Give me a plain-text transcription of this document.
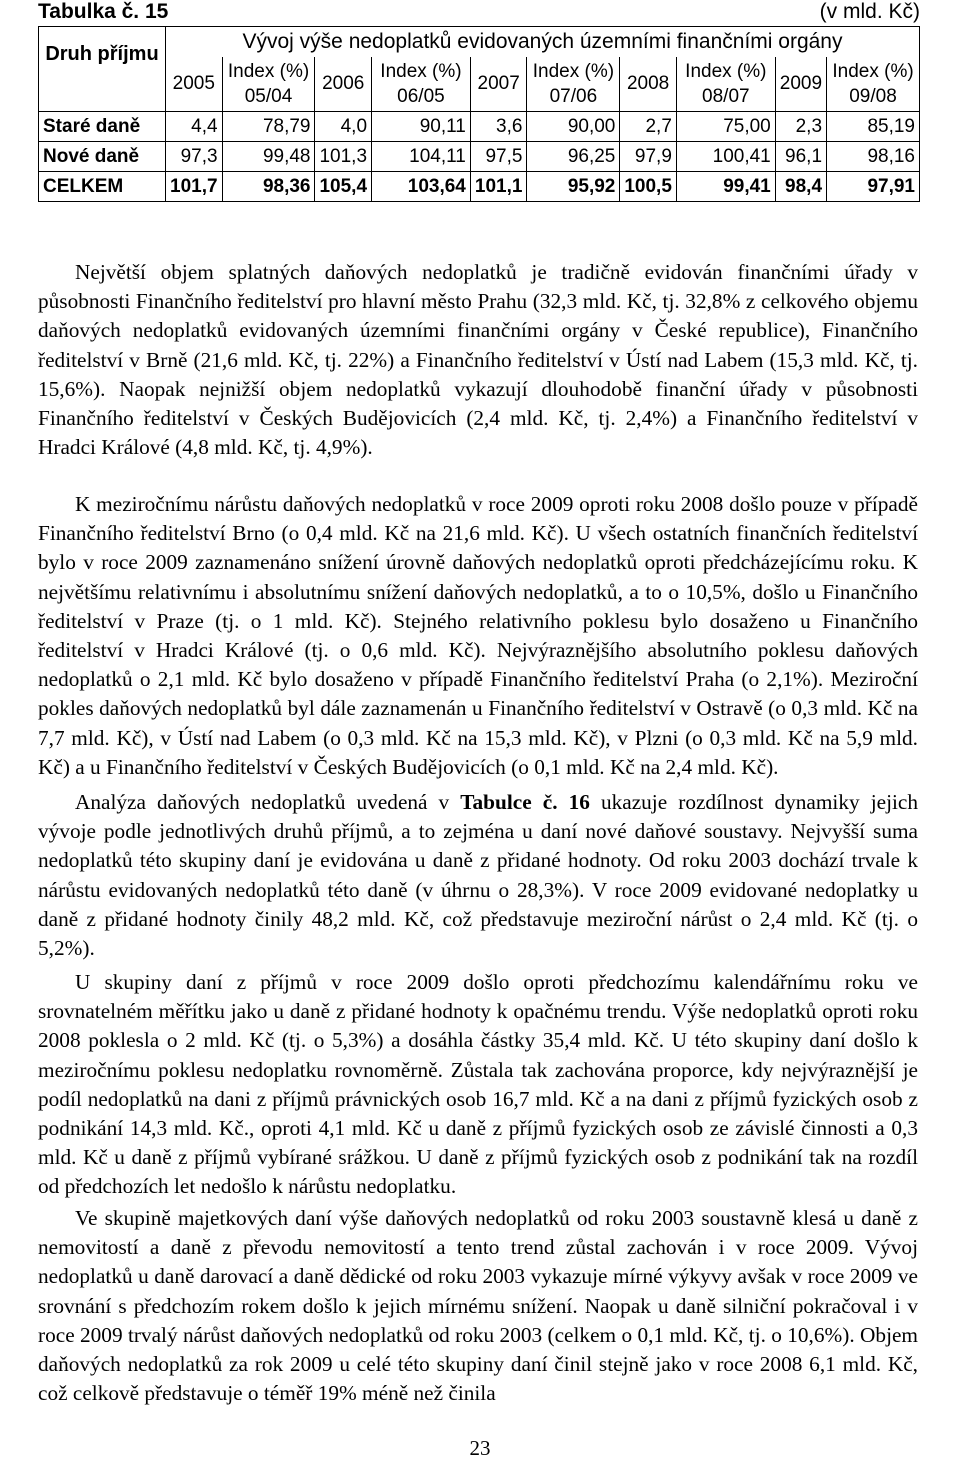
Tabulka č. 15	(v mld. Kč)
Druh příjmu	Vývoj výše nedoplatků evidovaných územními finančními orgány									
	2005	Index (%) 05/04	2006	Index (%) 06/05	2007	Index (%) 07/06	2008	Index (%) 08/07	2009	Index (%) 09/08
Staré daně	4,4	78,79	4,0	90,11	3,6	90,00	2,7	75,00	2,3	85,19
Nové daně	97,3	99,48	101,3	104,11	97,5	96,25	97,9	100,41	96,1	98,16
CELKEM	101,7	98,36	105,4	103,64	101,1	95,92	100,5	99,41	98,4	97,91

Největší objem splatných daňových nedoplatků je tradičně evidován finančními úřady v působnosti Finančního ředitelství pro hlavní město Prahu (32,3 mld. Kč, tj. 32,8% z celkového objemu daňových nedoplatků evidovaných územními finančními orgány v České republice), Finančního ředitelství v Brně (21,6 mld. Kč, tj. 22%) a Finančního ředitelství v Ústí nad Labem (15,3 mld. Kč, tj. 15,6%). Naopak nejnižší objem nedoplatků vykazují dlouhodobě finanční úřady v působnosti Finančního ředitelství v Českých Budějovicích (2,4 mld. Kč, tj. 2,4%) a Finančního ředitelství v Hradci Králové (4,8 mld. Kč, tj. 4,9%).

K meziročnímu nárůstu daňových nedoplatků v roce 2009 oproti roku 2008 došlo pouze v případě Finančního ředitelství Brno (o 0,4 mld. Kč na 21,6 mld. Kč). U všech ostatních finančních ředitelství bylo v roce 2009 zaznamenáno snížení úrovně daňových nedoplatků oproti předcházejícímu roku. K největšímu relativnímu i absolutnímu snížení daňových nedoplatků, a to o 10,5%, došlo u Finančního ředitelství v Praze (tj. o 1 mld. Kč). Stejného relativního poklesu bylo dosaženo u Finančního ředitelství v Hradci Králové (tj. o 0,6 mld. Kč). Nejvýraznějšího absolutního poklesu daňových nedoplatků o 2,1 mld. Kč bylo dosaženo v případě Finančního ředitelství Praha (o 2,1%). Meziroční pokles daňových nedoplatků byl dále zaznamenán u Finančního ředitelství v Ostravě (o 0,3 mld. Kč na 7,7 mld. Kč), v Ústí nad Labem (o 0,3 mld. Kč na 15,3 mld. Kč), v Plzni (o 0,3 mld. Kč na 5,9 mld. Kč) a u Finančního ředitelství v Českých Budějovicích (o 0,1 mld. Kč na 2,4 mld. Kč).

Analýza daňových nedoplatků uvedená v Tabulce č. 16 ukazuje rozdílnost dynamiky jejich vývoje podle jednotlivých druhů příjmů, a to zejména u daní nové daňové soustavy. Nejvyšší suma nedoplatků této skupiny daní je evidována u daně z přidané hodnoty. Od roku 2003 dochází trvale k nárůstu evidovaných nedoplatků této daně (v úhrnu o 28,3%). V roce 2009 evidované nedoplatky u daně z přidané hodnoty činily 48,2 mld. Kč, což představuje meziroční nárůst o 2,4 mld. Kč (tj. o 5,2%).

U skupiny daní z příjmů v roce 2009 došlo oproti předchozímu kalendářnímu roku ve srovnatelném měřítku jako u daně z přidané hodnoty k opačnému trendu. Výše nedoplatků oproti roku 2008 poklesla o 2 mld. Kč (tj. o 5,3%) a dosáhla částky 35,4 mld. Kč. U této skupiny daní došlo k meziročnímu poklesu nedoplatku rovnoměrně. Zůstala tak zachována proporce, kdy nejvýraznější je podíl nedoplatků na dani z příjmů právnických osob 16,7 mld. Kč a na dani z příjmů fyzických osob z podnikání 14,3 mld. Kč., oproti 4,1 mld. Kč u daně z příjmů fyzických osob ze závislé činnosti a 0,3 mld. Kč u daně z příjmů vybírané srážkou. U daně z příjmů fyzických osob z podnikání tak na rozdíl od předchozích let nedošlo k nárůstu nedoplatku.

Ve skupině majetkových daní výše daňových nedoplatků od roku 2003 soustavně klesá u daně z nemovitostí a daně z převodu nemovitostí a tento trend zůstal zachován i v roce 2009. Vývoj nedoplatků u daně darovací a daně dědické od roku 2003 vykazuje mírné výkyvy avšak v roce 2009 ve srovnání s předchozím rokem došlo k jejich mírnému snížení. Naopak u daně silniční pokračoval i v roce 2009 trvalý nárůst daňových nedoplatků od roku 2003 (celkem o 0,1 mld. Kč, tj. o 10,6%). Objem daňových nedoplatků za rok 2009 u celé této skupiny daní činil stejně jako v roce 2008 6,1 mld. Kč, což celkově představuje o téměř 19% méně než činila

23
